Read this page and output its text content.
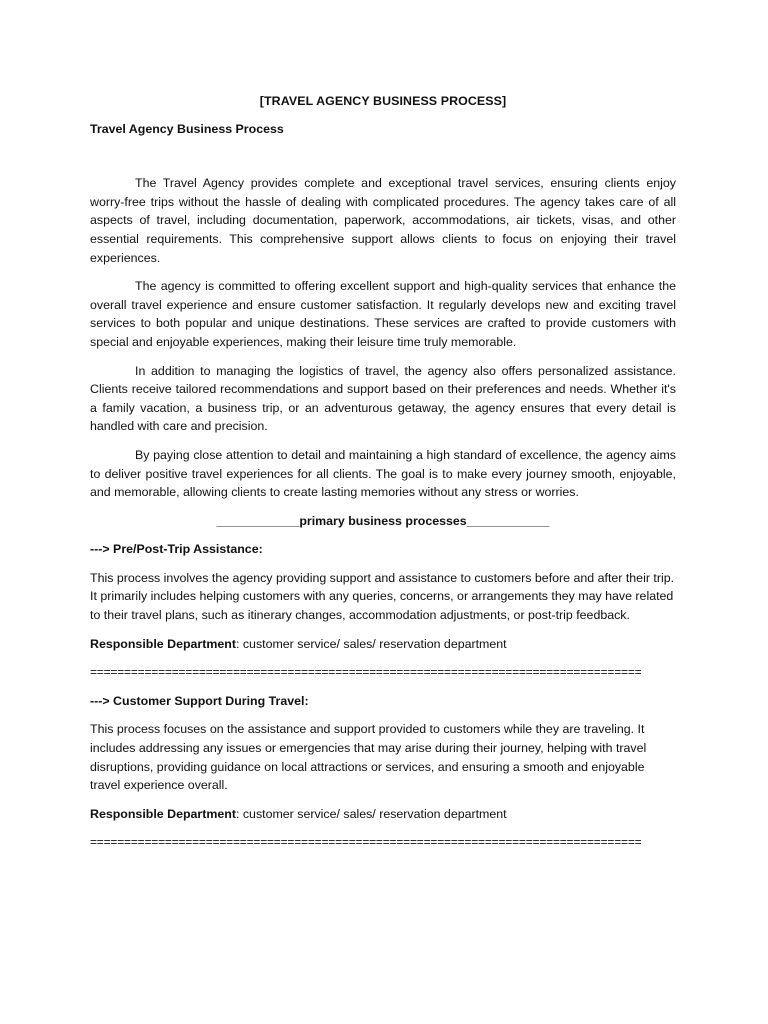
[TRAVEL AGENCY BUSINESS PROCESS]
Travel Agency Business Process

The Travel Agency provides complete and exceptional travel services, ensuring clients enjoy worry-free trips without the hassle of dealing with complicated procedures. The agency takes care of all aspects of travel, including documentation, paperwork, accommodations, air tickets, visas, and other essential requirements. This comprehensive support allows clients to focus on enjoying their travel experiences.

The agency is committed to offering excellent support and high-quality services that enhance the overall travel experience and ensure customer satisfaction. It regularly develops new and exciting travel services to both popular and unique destinations. These services are crafted to provide customers with special and enjoyable experiences, making their leisure time truly memorable.

In addition to managing the logistics of travel, the agency also offers personalized assistance. Clients receive tailored recommendations and support based on their preferences and needs. Whether it's a family vacation, a business trip, or an adventurous getaway, the agency ensures that every detail is handled with care and precision.

By paying close attention to detail and maintaining a high standard of excellence, the agency aims to deliver positive travel experiences for all clients. The goal is to make every journey smooth, enjoyable, and memorable, allowing clients to create lasting memories without any stress or worries.

____________primary business processes____________
---> Pre/Post-Trip Assistance:
This process involves the agency providing support and assistance to customers before and after their trip. It primarily includes helping customers with any queries, concerns, or arrangements they may have related to their travel plans, such as itinerary changes, accommodation adjustments, or post-trip feedback.
Responsible Department: customer service/ sales/ reservation department
=================================================================================
---> Customer Support During Travel:
This process focuses on the assistance and support provided to customers while they are traveling. It includes addressing any issues or emergencies that may arise during their journey, helping with travel disruptions, providing guidance on local attractions or services, and ensuring a smooth and enjoyable travel experience overall.
Responsible Department: customer service/ sales/ reservation department
=================================================================================
